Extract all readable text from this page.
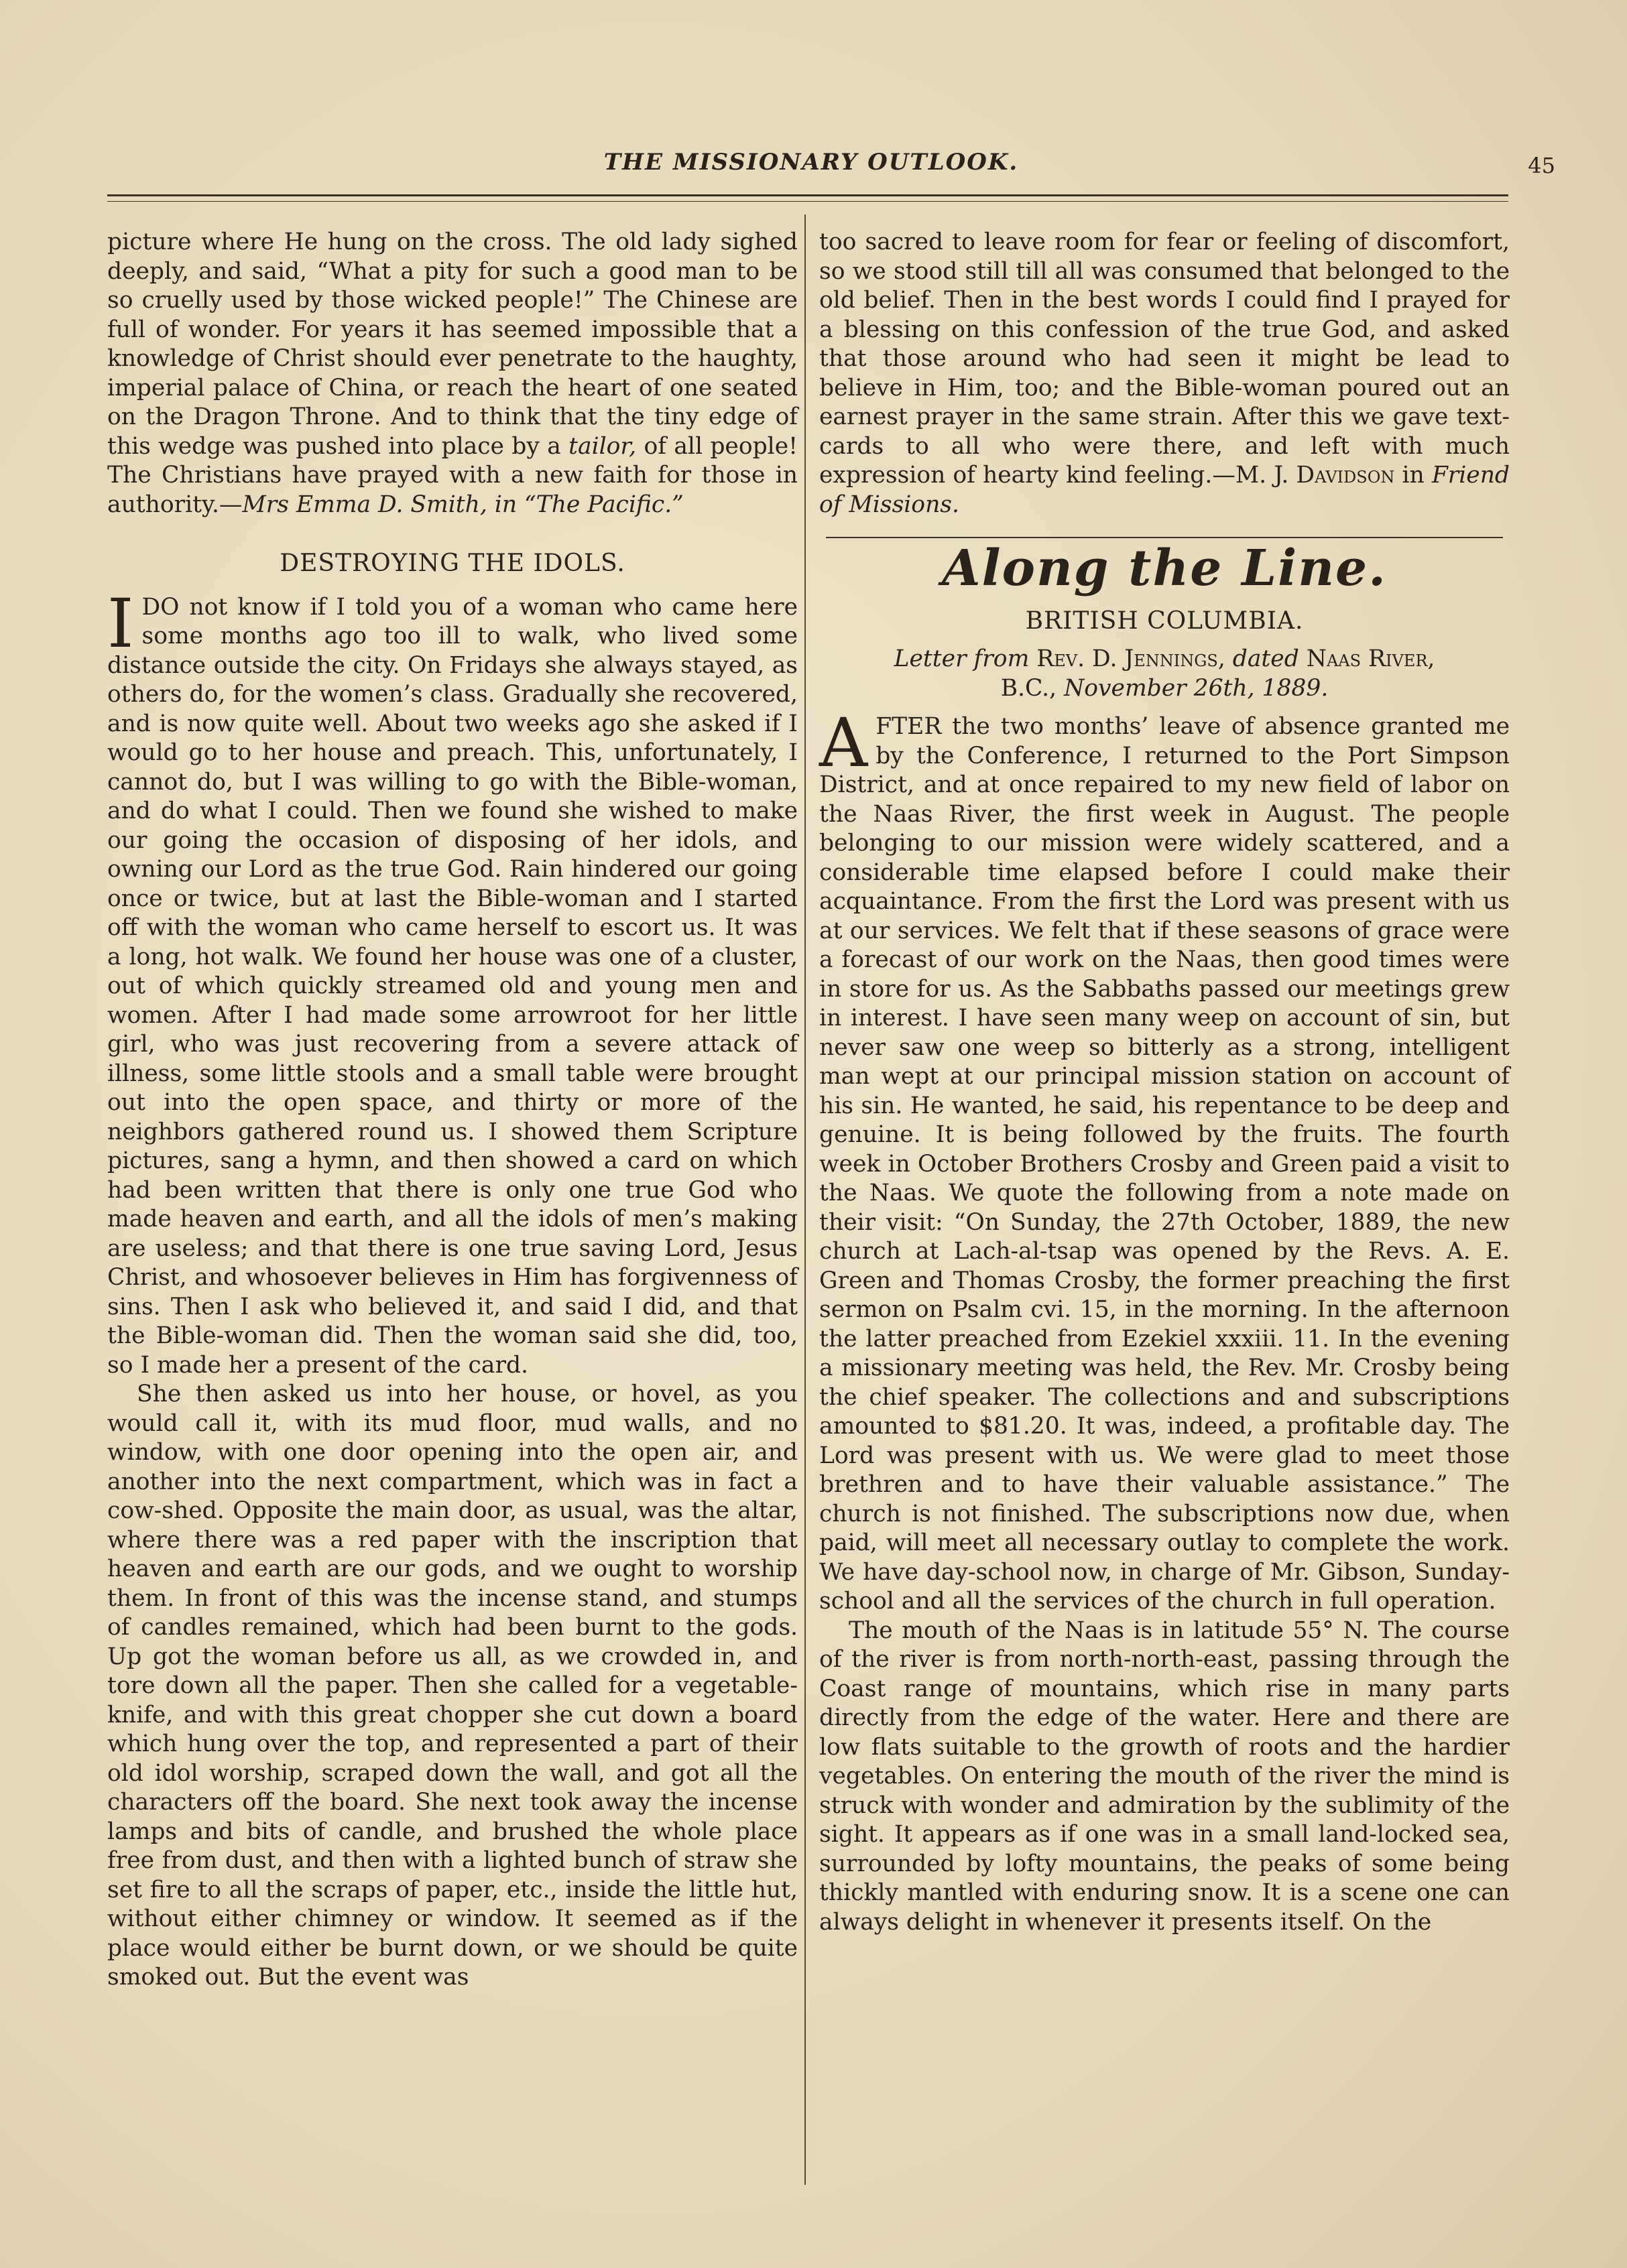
THE MISSIONARY OUTLOOK.	45

picture where He hung on the cross. The old lady sighed deeply, and said, “What a pity for such a good man to be so cruelly used by those wicked people!” The Chinese are full of wonder. For years it has seemed impossible that a knowledge of Christ should ever penetrate to the haughty, imperial palace of China, or reach the heart of one seated on the Dragon Throne. And to think that the tiny edge of this wedge was pushed into place by a tailor, of all people! The Christians have prayed with a new faith for those in authority.—Mrs Emma D. Smith, in “The Pacific.”

DESTROYING THE IDOLS.

IDO not know if I told you of a woman who came here some months ago too ill to walk, who lived some distance outside the city. On Fridays she always stayed, as others do, for the women’s class. Gradually she recovered, and is now quite well. About two weeks ago she asked if I would go to her house and preach. This, unfortunately, I cannot do, but I was willing to go with the Bible-woman, and do what I could. Then we found she wished to make our going the occasion of disposing of her idols, and owning our Lord as the true God. Rain hindered our going once or twice, but at last the Bible-woman and I started off with the woman who came herself to escort us. It was a long, hot walk. We found her house was one of a cluster, out of which quickly streamed old and young men and women. After I had made some arrowroot for her little girl, who was just recovering from a severe attack of illness, some little stools and a small table were brought out into the open space, and thirty or more of the neighbors gathered round us. I showed them Scripture pictures, sang a hymn, and then showed a card on which had been written that there is only one true God who made heaven and earth, and all the idols of men’s making are useless; and that there is one true saving Lord, Jesus Christ, and whosoever believes in Him has forgivenness of sins. Then I ask who believed it, and said I did, and that the Bible-woman did. Then the woman said she did, too, so I made her a present of the card.

She then asked us into her house, or hovel, as you would call it, with its mud floor, mud walls, and no window, with one door opening into the open air, and another into the next compartment, which was in fact a cow-shed. Opposite the main door, as usual, was the altar, where there was a red paper with the inscription that heaven and earth are our gods, and we ought to worship them. In front of this was the incense stand, and stumps of candles remained, which had been burnt to the gods. Up got the woman before us all, as we crowded in, and tore down all the paper. Then she called for a vegetable-knife, and with this great chopper she cut down a board which hung over the top, and represented a part of their old idol worship, scraped down the wall, and got all the characters off the board. She next took away the incense lamps and bits of candle, and brushed the whole place free from dust, and then with a lighted bunch of straw she set fire to all the scraps of paper, etc., inside the little hut, without either chimney or window. It seemed as if the place would either be burnt down, or we should be quite smoked out. But the event was

too sacred to leave room for fear or feeling of discomfort, so we stood still till all was consumed that belonged to the old belief. Then in the best words I could find I prayed for a blessing on this confession of the true God, and asked that those around who had seen it might be lead to believe in Him, too; and the Bible-woman poured out an earnest prayer in the same strain. After this we gave text-cards to all who were there, and left with much expression of hearty kind feeling.—M. J. Davidson in Friend of Missions.

Along the Line.
BRITISH COLUMBIA.
Letter from Rev. D. Jennings, dated Naas River,
B.C., November 26th, 1889.

AFTER the two months’ leave of absence granted me by the Conference, I returned to the Port Simpson District, and at once repaired to my new field of labor on the Naas River, the first week in August. The people belonging to our mission were widely scattered, and a considerable time elapsed before I could make their acquaintance. From the first the Lord was present with us at our services. We felt that if these seasons of grace were a forecast of our work on the Naas, then good times were in store for us. As the Sabbaths passed our meetings grew in interest. I have seen many weep on account of sin, but never saw one weep so bitterly as a strong, intelligent man wept at our principal mission station on account of his sin. He wanted, he said, his repentance to be deep and genuine. It is being followed by the fruits. The fourth week in October Brothers Crosby and Green paid a visit to the Naas. We quote the following from a note made on their visit: “On Sunday, the 27th October, 1889, the new church at Lach-al-tsap was opened by the Revs. A. E. Green and Thomas Crosby, the former preaching the first sermon on Psalm cvi. 15, in the morning. In the afternoon the latter preached from Ezekiel xxxiii. 11. In the evening a missionary meeting was held, the Rev. Mr. Crosby being the chief speaker. The collections and and subscriptions amounted to $81.20. It was, indeed, a profitable day. The Lord was present with us. We were glad to meet those brethren and to have their valuable assistance.” The church is not finished. The subscriptions now due, when paid, will meet all necessary outlay to complete the work. We have day-school now, in charge of Mr. Gibson, Sunday-school and all the services of the church in full operation.

The mouth of the Naas is in latitude 55° N. The course of the river is from north-north-east, passing through the Coast range of mountains, which rise in many parts directly from the edge of the water. Here and there are low flats suitable to the growth of roots and the hardier vegetables. On entering the mouth of the river the mind is struck with wonder and admiration by the sublimity of the sight. It appears as if one was in a small land-locked sea, surrounded by lofty mountains, the peaks of some being thickly mantled with enduring snow. It is a scene one can always delight in whenever it presents itself. On the
